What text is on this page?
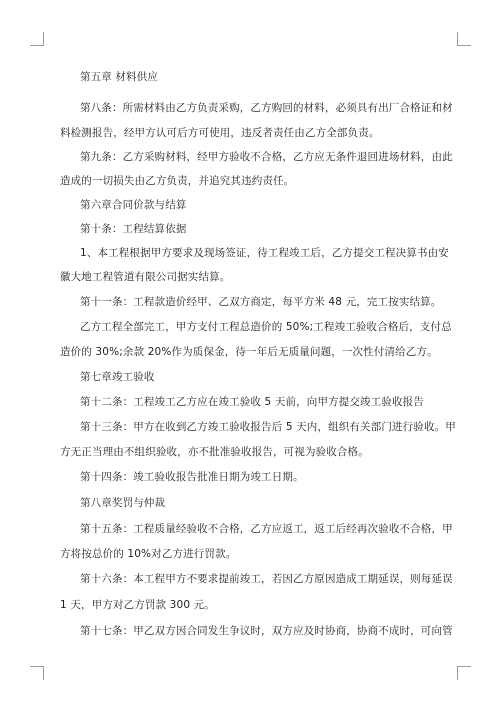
第五章 材料供应
第八条：所需材料由乙方负责采购，乙方购回的材料，必须具有出厂合格证和材
料检测报告，经甲方认可后方可使用，违反者责任由乙方全部负责。
第九条：乙方采购材料，经甲方验收不合格，乙方应无条件退回进场材料，由此
造成的一切损失由乙方负责，并追究其违约责任。
第六章合同价款与结算
第十条：工程结算依据
1、本工程根据甲方要求及现场签证，待工程竣工后，乙方提交工程决算书由安
徽大地工程管道有限公司据实结算。
第十一条：工程款造价经甲、乙双方商定，每平方米 48 元，完工按实结算。
乙方工程全部完工，甲方支付工程总造价的 50%;工程竣工验收合格后，支付总
造价的 30%;余款 20%作为质保金，待一年后无质量问题，一次性付清给乙方。
第七章竣工验收
第十二条：工程竣工乙方应在竣工验收 5 天前，向甲方提交竣工验收报告
第十三条：甲方在收到乙方竣工验收报告后 5 天内，组织有关部门进行验收。甲
方无正当理由不组织验收，亦不批准验收报告，可视为验收合格。
第十四条：竣工验收报告批准日期为竣工日期。
第八章奖罚与仲裁
第十五条：工程质量经验收不合格，乙方应返工，返工后经再次验收不合格，甲
方将按总价的 10%对乙方进行罚款。
第十六条：本工程甲方不要求提前竣工，若因乙方原因造成工期延误，则每延误
1 天，甲方对乙方罚款 300 元。
第十七条：甲乙双方因合同发生争议时，双方应及时协商，协商不成时，可向管
